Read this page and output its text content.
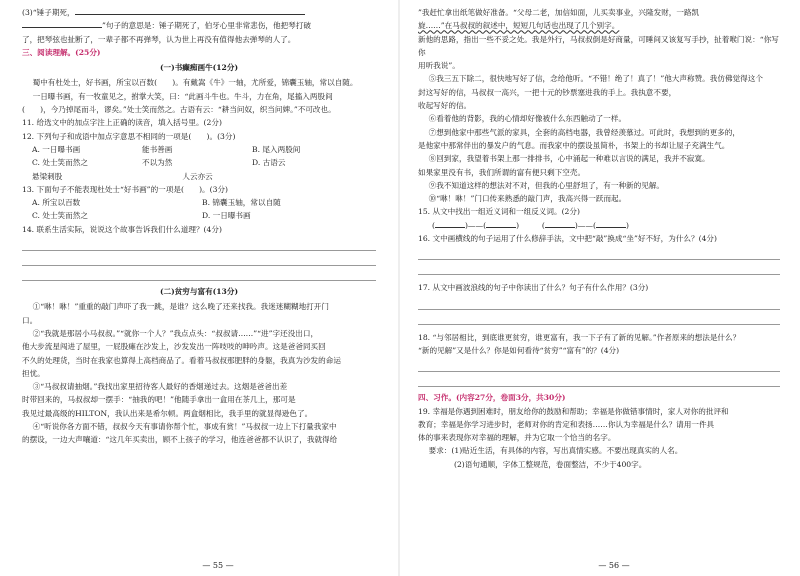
(3)“锤子期死，

”句子的意思是：锤子期死了，伯牙心里非常悲伤，他把琴打破

了，把琴弦也扯断了，一辈子都不再弹琴，认为世上再没有值得他去弹琴的人了。

三、阅读理解。(25分)

(一)书癫痴画牛(12分)

蜀中有杜处士，好书画，所宝以百数(　　)。有戴嵩《牛》一轴，尤所爱，锦囊玉轴，常以自随。

一日曝书画，有一牧童见之，拊掌大笑，曰：“此画斗牛也。牛斗，力在角，尾搐入两股间

(　　)，今乃掉尾而斗，谬矣。”处士笑而然之。古语有云：“耕当问奴，织当问婢。”不可改也。

11. 给选文中的加点字注上正确的读音，填入括号里。(2分)

12. 下列句子和成语中加点字意思不相同的一项是(　　)。(3分)

A. 一日曝书画	能书善画	B. 尾入两股间
C. 处士笑而然之	不以为然	D. 古语云

悬梁刺股	人云亦云

13. 下面句子不能表现杜处士“好书画”的一项是(　　)。(3分)

A. 所宝以百数	B. 锦囊玉轴，常以自随
C. 处士笑而然之	D. 一日曝书画

14. 联系生活实际，说说这个故事告诉我们什么道理？(4分)

(二)贫穷与富有(13分)

①“咻！咻！”重重的敲门声吓了我一跳，是谁？这么晚了还来找我。我迷迷糊糊地打开门

口。

②“我就是那居小马叔叔。”“就你一个人？”我点点头：“叔叔请……”“进”字还没出口，

他大步流星闯进了屋里，一屁股瘫在沙发上，沙发发出一阵吱吱的呻吟声。这是爸爸同买回

不久的处理货，当时在我家也算得上高档商品了。看着马叔叔那肥胖的身躯，我真为沙发的命运

担忧。

③“马叔叔请抽烟。”我找出家里招待客人最好的香烟递过去。这烟是爸爸出差

时带回来的，马叔叔却一摆手：“抽我的吧！”他随手拿出一盒用在茶几上，那可是

我见过最高级的HILTON，我认出来是希尔顿。两盒烟相比，我手里的就显得逊色了。

④“听说你各方面不错，叔叔今天有事请你帮个忙，事成有赏！”马叔叔一边上下打量我家中

的摆设，一边大声嚷道：“这几年买卖出，顾不上孩子的学习，他连爸爸都不认识了，我就得给

— 55 —

”我赶忙拿出纸笔做好准备。“父母二老，加信如面，儿买卖事业，兴隆发财，一路凯

旋……”在马叔叔的叙述中，短短几句话也出现了几个别字。

新他的思路，指出一些不妥之处。我是外行，马叔叔倒是好商量，可睡间又该复写手抄，扯着喉门说：“你写你

用听我说”。

⑤我三五下除二，很快地写好了信，念给他听。“不错！绝了！真了！”他大声称赞。我仿佛觉得这个

封这写好的信，马叔叔一高兴，一把十元的钞票塞进我的手上。我执意不要，

收起写好的信。

⑥看着他的背影，我的心情却好像被什么东西触动了一样。

⑦想到他家中那些气派的家具，全套的高档电器，我曾经羡慕过。可此时，我想到的更多的，

是他家中那常伴出的暴发户的气息。而我家中的摆设虽简朴，书架上的书却让屋子充满生气。

⑧回到家，我望着书架上那一排排书，心中涌起一种难以言说的满足，我并不寂寞。

如果家里没有书，我们所谓的富有便只剩下空壳。

⑨我不知道这样的想法对不对，但我的心里舒坦了，有一种新的见解。

⑩“咻！咻！”门口传来熟悉的敲门声，我高兴得一跃而起。

15. 从文中找出一组近义词和一组反义词。(2分)

(	)——(	)　　　(	)——(	)

16. 文中画横线的句子运用了什么修辞手法，文中把“敲”换成“坐”好不好，为什么？(4分)

17. 从文中画波浪线的句子中你读出了什么？句子有什么作用？(3分)

18. “与邻居相比，到底谁更贫穷，谁更富有，我一下子有了新的见解。”作者原来的想法是什么？

“新的见解”又是什么？你是如何看待“贫穷”“富有”的？(4分)

四、习作。(内容27分，卷面3分，共30分)

19. 幸福是你遇到困难时，朋友给你的鼓励和帮助；幸福是你做错事情时，家人对你的批评和

教育；幸福是你学习进步时，老师对你的肯定和表扬……你认为幸福是什么？请用一件具

体的事来表现你对幸福的理解，并为它取一个恰当的名字。

要求：(1)贴近生活，有具体的内容，写出真情实感。不要出现真实的人名。

(2)语句通顺，字体工整规范，卷面整洁，不少于400字。

— 56 —
